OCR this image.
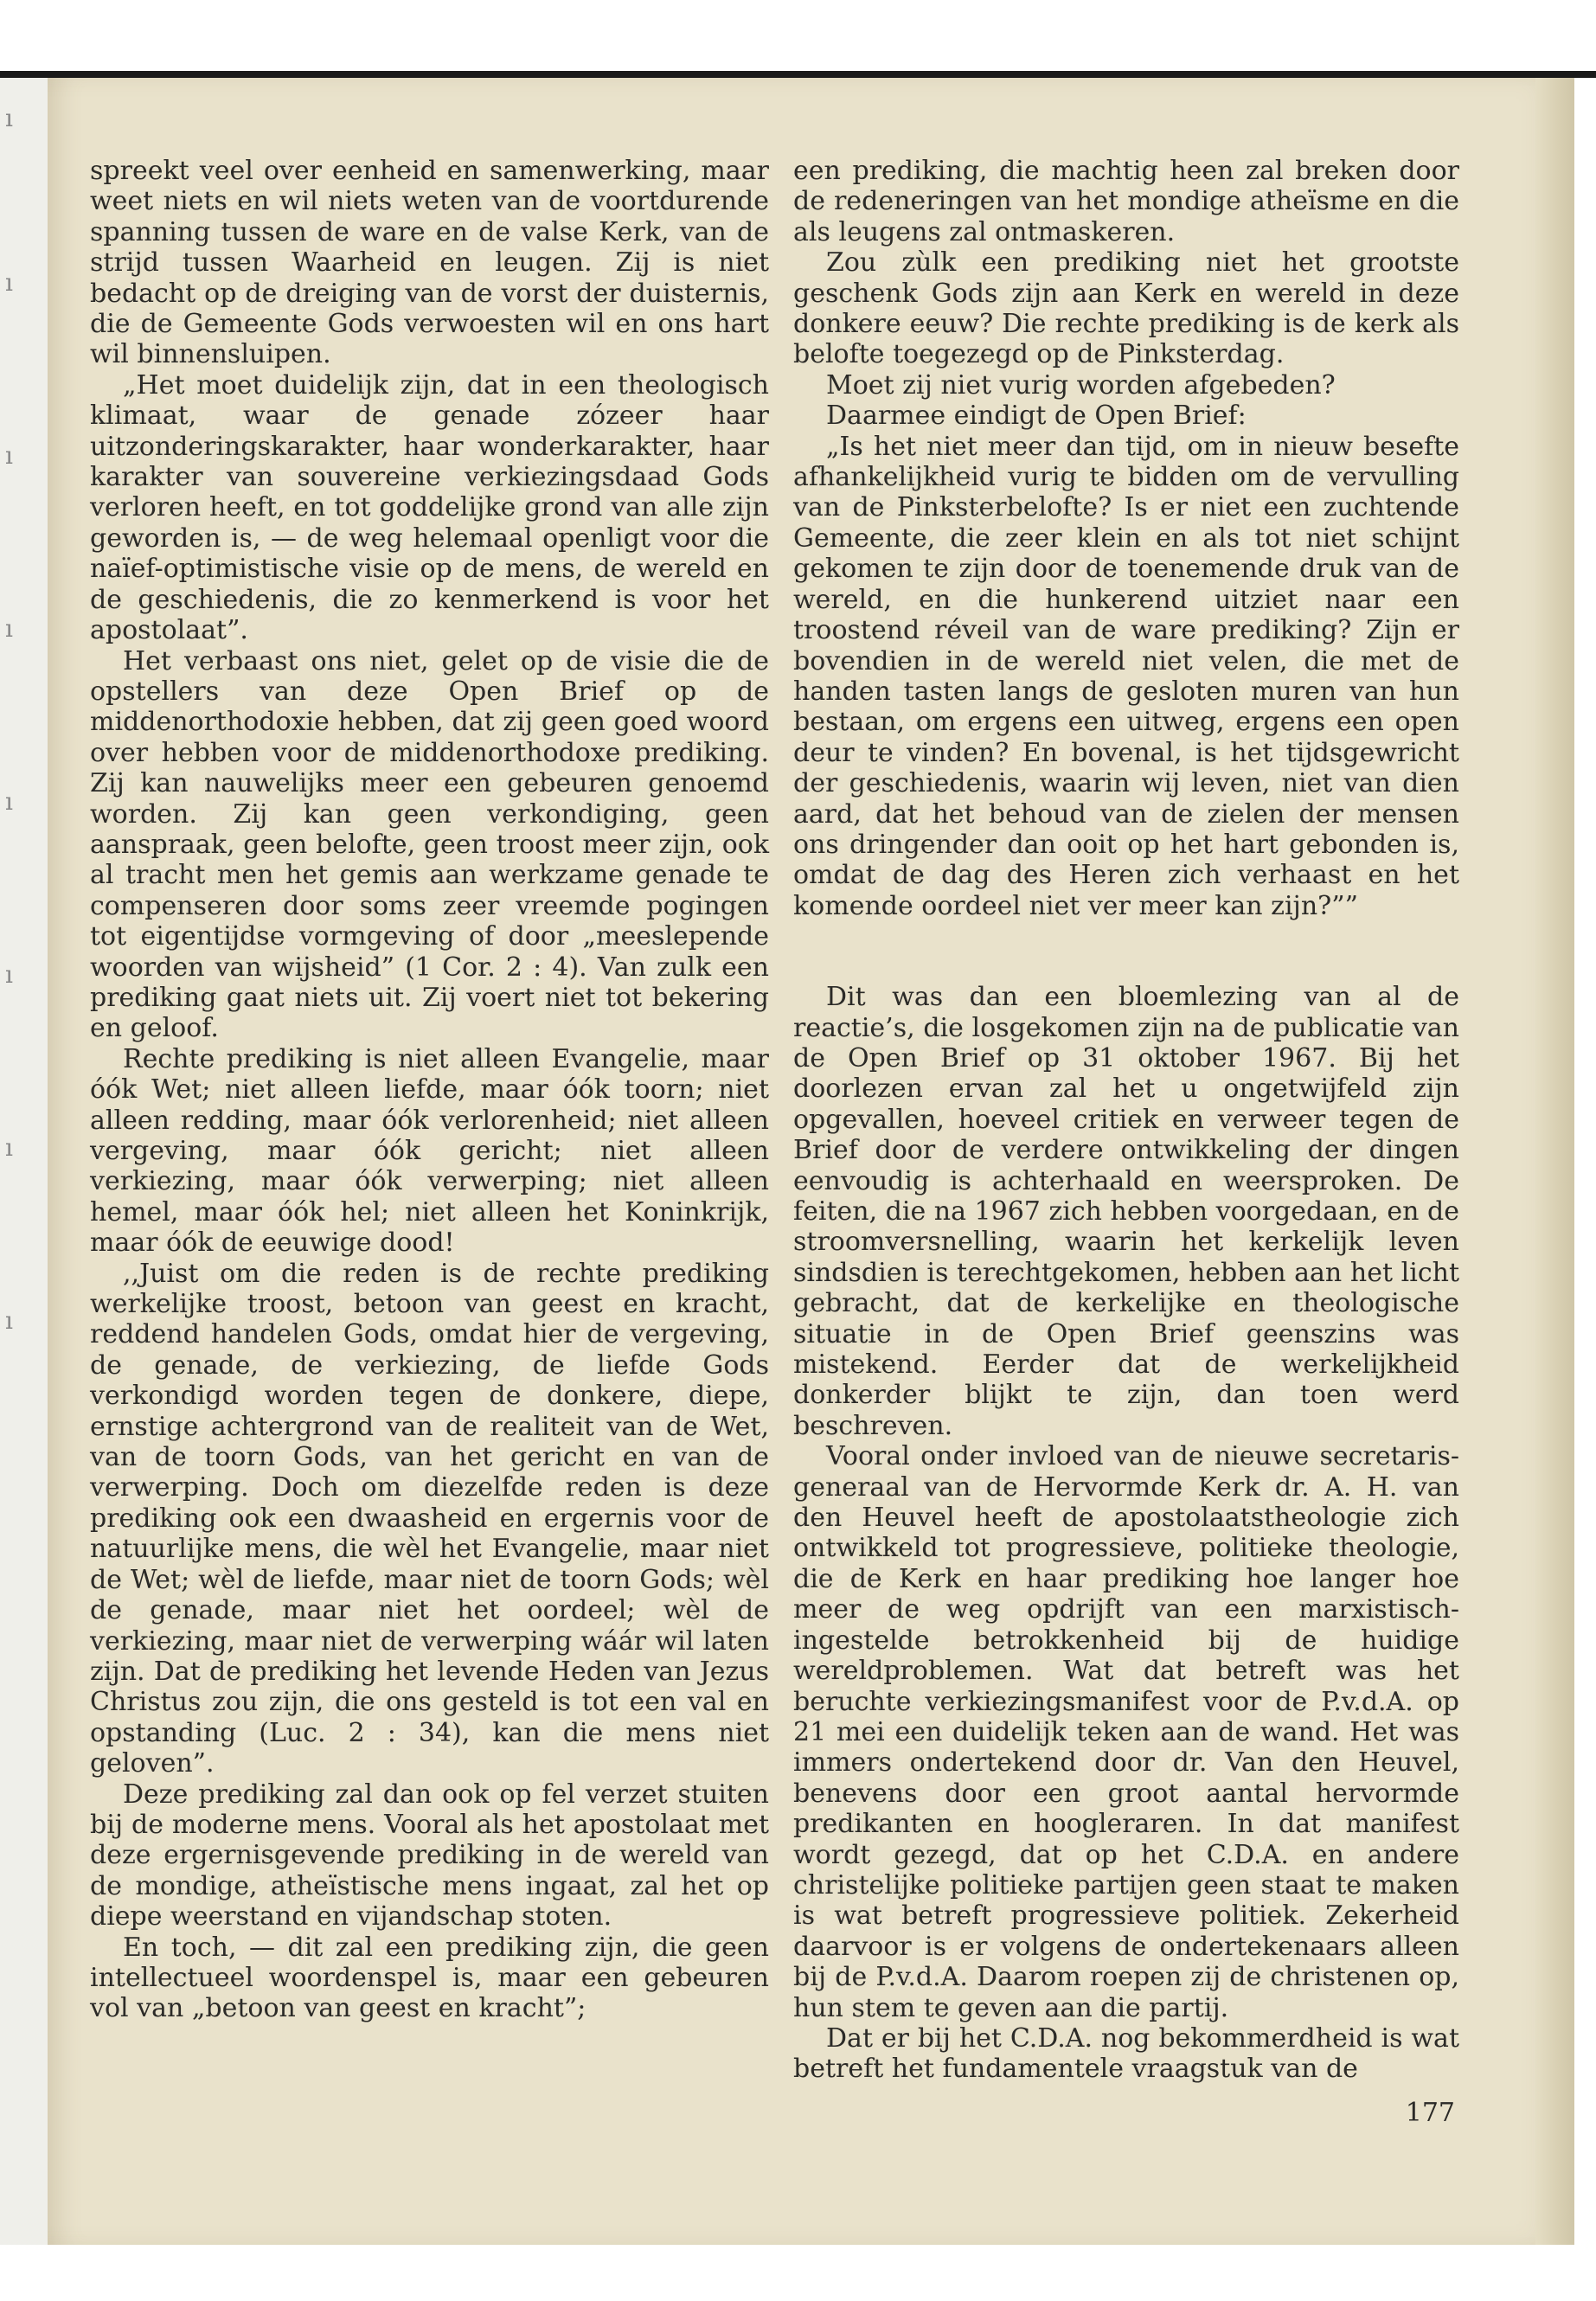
ı
ı
ı
ı
ı
ı
ı
ı

spreekt veel over eenheid en samenwerking, maar weet niets en wil niets weten van de voortdurende spanning tussen de ware en de valse Kerk, van de strijd tussen Waarheid en leugen. Zij is niet bedacht op de dreiging van de vorst der duisternis, die de Gemeente Gods verwoesten wil en ons hart wil binnensluipen.

„Het moet duidelijk zijn, dat in een theologisch klimaat, waar de genade zózeer haar uitzonderingskarakter, haar wonderkarakter, haar karakter van souvereine verkiezingsdaad Gods verloren heeft, en tot goddelijke grond van alle zijn geworden is, — de weg helemaal openligt voor die naïef-optimistische visie op de mens, de wereld en de geschiedenis, die zo kenmerkend is voor het apostolaat”.

Het verbaast ons niet, gelet op de visie die de opstellers van deze Open Brief op de middenorthodoxie hebben, dat zij geen goed woord over hebben voor de middenorthodoxe prediking. Zij kan nauwelijks meer een gebeuren genoemd worden. Zij kan geen verkondiging, geen aanspraak, geen belofte, geen troost meer zijn, ook al tracht men het gemis aan werkzame genade te compenseren door soms zeer vreemde pogingen tot eigentijdse vormgeving of door „meeslepende woorden van wijsheid” (1 Cor. 2 : 4). Van zulk een prediking gaat niets uit. Zij voert niet tot bekering en geloof.

Rechte prediking is niet alleen Evangelie, maar óók Wet; niet alleen liefde, maar óók toorn; niet alleen redding, maar óók verlorenheid; niet alleen vergeving, maar óók gericht; niet alleen verkiezing, maar óók verwerping; niet alleen hemel, maar óók hel; niet alleen het Koninkrijk, maar óók de eeuwige dood!

,,Juist om die reden is de rechte prediking werkelijke troost, betoon van geest en kracht, reddend handelen Gods, omdat hier de vergeving, de genade, de verkiezing, de liefde Gods verkondigd worden tegen de donkere, diepe, ernstige achtergrond van de realiteit van de Wet, van de toorn Gods, van het gericht en van de verwerping. Doch om diezelfde reden is deze prediking ook een dwaasheid en ergernis voor de natuurlijke mens, die wèl het Evangelie, maar niet de Wet; wèl de liefde, maar niet de toorn Gods; wèl de genade, maar niet het oordeel; wèl de verkiezing, maar niet de verwerping wáár wil laten zijn. Dat de prediking het levende Heden van Jezus Christus zou zijn, die ons gesteld is tot een val en opstanding (Luc. 2 : 34), kan die mens niet geloven”.

Deze prediking zal dan ook op fel verzet stuiten bij de moderne mens. Vooral als het apostolaat met deze ergernisgevende prediking in de wereld van de mondige, atheïstische mens ingaat, zal het op diepe weerstand en vijandschap stoten.

En toch, — dit zal een prediking zijn, die geen intellectueel woordenspel is, maar een gebeuren vol van „betoon van geest en kracht”;

een prediking, die machtig heen zal breken door de redeneringen van het mondige atheïsme en die als leugens zal ontmaskeren.

Zou zùlk een prediking niet het grootste geschenk Gods zijn aan Kerk en wereld in deze donkere eeuw? Die rechte prediking is de kerk als belofte toegezegd op de Pinksterdag.

Moet zij niet vurig worden afgebeden?

Daarmee eindigt de Open Brief:

„Is het niet meer dan tijd, om in nieuw besefte afhankelijkheid vurig te bidden om de vervulling van de Pinksterbelofte? Is er niet een zuchtende Gemeente, die zeer klein en als tot niet schijnt gekomen te zijn door de toenemende druk van de wereld, en die hunkerend uitziet naar een troostend réveil van de ware prediking? Zijn er bovendien in de wereld niet velen, die met de handen tasten langs de gesloten muren van hun bestaan, om ergens een uitweg, ergens een open deur te vinden? En bovenal, is het tijdsgewricht der geschiedenis, waarin wij leven, niet van dien aard, dat het behoud van de zielen der mensen ons dringender dan ooit op het hart gebonden is, omdat de dag des Heren zich verhaast en het komende oordeel niet ver meer kan zijn?””

Dit was dan een bloemlezing van al de reactie’s, die losgekomen zijn na de publicatie van de Open Brief op 31 oktober 1967. Bij het doorlezen ervan zal het u ongetwijfeld zijn opgevallen, hoeveel critiek en verweer tegen de Brief door de verdere ontwikkeling der dingen eenvoudig is achterhaald en weersproken. De feiten, die na 1967 zich hebben voorgedaan, en de stroomversnelling, waarin het kerkelijk leven sindsdien is terechtgekomen, hebben aan het licht gebracht, dat de kerkelijke en theologische situatie in de Open Brief geenszins was mistekend. Eerder dat de werkelijkheid donkerder blijkt te zijn, dan toen werd beschreven.

Vooral onder invloed van de nieuwe secretaris-generaal van de Hervormde Kerk dr. A. H. van den Heuvel heeft de apostolaatstheologie zich ontwikkeld tot progressieve, politieke theologie, die de Kerk en haar prediking hoe langer hoe meer de weg opdrijft van een marxistisch-ingestelde betrokkenheid bij de huidige wereldproblemen. Wat dat betreft was het beruchte verkiezingsmanifest voor de P.v.d.A. op 21 mei een duidelijk teken aan de wand. Het was immers ondertekend door dr. Van den Heuvel, benevens door een groot aantal hervormde predikanten en hoogleraren. In dat manifest wordt gezegd, dat op het C.D.A. en andere christelijke politieke partijen geen staat te maken is wat betreft progressieve politiek. Zekerheid daarvoor is er volgens de ondertekenaars alleen bij de P.v.d.A. Daarom roepen zij de christenen op, hun stem te geven aan die partij.

Dat er bij het C.D.A. nog bekommerdheid is wat betreft het fundamentele vraagstuk van de

177
